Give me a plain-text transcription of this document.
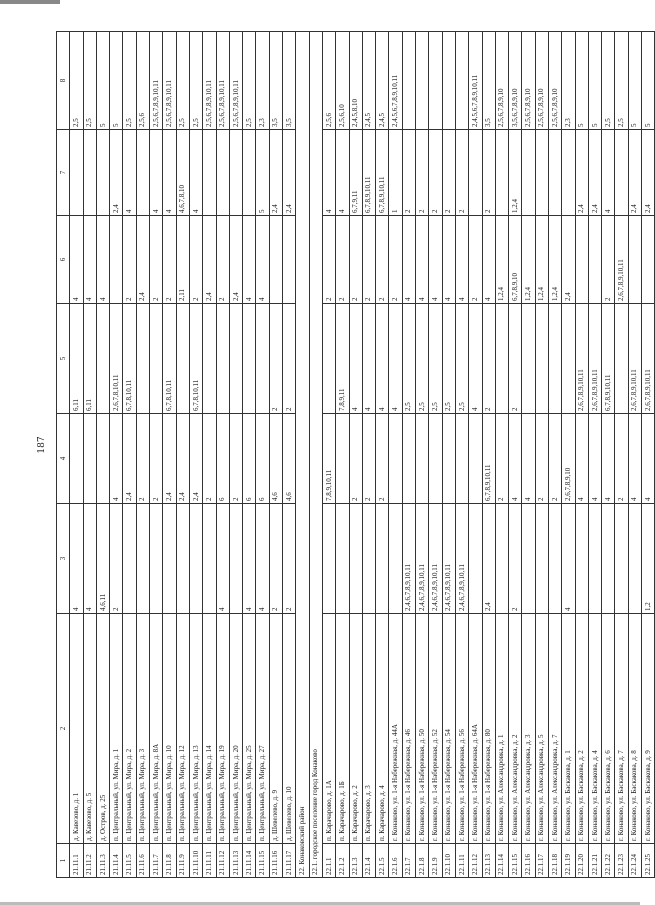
187
1	2	3	4	5	6	7	8
21.11.1	д. Кавезово, д. 1	4		6,11	4		2,5
21.11.2	д. Кавезово, д. 5	4		6,11	4		2,5
21.11.3	д. Остров, д. 25	4,6,11			4		5
21.11.4	п. Центральный, ул. Мира, д. 1	2	4	2,6,7,8,10,11		2,4	5
21.11.5	п. Центральный, ул. Мира, д. 2		2,4	6,7,8,10,11	2	4	2,5
21.11.6	п. Центральный, ул. Мира, д. 3		2		2,4		2,5,6
21.11.7	п. Центральный, ул. Мира, д. 8А		2		2	4	2,5,6,7,8,9,10,11
21.11.8	п. Центральный, ул. Мира, д. 10		2,4	6,7,8,10,11	2	4	2,5,6,7,8,9,10,11
21.11.9	п. Центральный, ул. Мира, д. 12		2,4		2,11	4,6,7,8,10	2,5
21.11.10	п. Центральный, ул. Мира, д. 13		2,4	6,7,8,10,11	2	4	2,5
21.11.11	п. Центральный, ул. Мира, д. 14		2		2,4		2,5,6,7,8,9,10,11
21.11.12	п. Центральный, ул. Мира, д. 19	4	6		2		2,5,6,7,8,9,10,11
21.11.13	п. Центральный, ул. Мира, д. 20		2		2,4		2,5,6,7,8,9,10,11
21.11.14	п. Центральный, ул. Мира, д. 25	4	6		4		2,5
21.11.15	п. Центральный, ул. Мира, д. 27	4	6		4	5	2,3
21.11.16	д. Шевелево, д. 9	2	4,6	2		2,4	3,5
21.11.17	д. Шевелево, д. 10	2	4,6	2		2,4	3,5
22. Конаковский район							
22.1. городское поселение город Конаково							
22.1.1	п. Карачарово, д. 1А		7,8,9,10,11		2	4	2,5,6
22.1.2	п. Карачарово, д. 1Б			7,8,9,11	2	4	2,5,6,10
22.1.3	п. Карачарово, д. 2		2	4	2	6,7,9,11	2,4,5,8,10
22.1.4	п. Карачарово, д. 3		2	4	2	6,7,8,9,10,11	2,4,5
22.1.5	п. Карачарово, д. 4		2	4	2	6,7,8,9,10,11	2,4,5
22.1.6	г. Конаково, ул. 1-я Набережная, д. 44А			4	2	1	2,4,5,6,7,8,9,10,11
22.1.7	г. Конаково, ул. 1-я Набережная, д. 46	2,4,6,7,8,9,10,11		2,5	4	2	
22.1.8	г. Конаково, ул. 1-я Набережная, д. 50	2,4,6,7,8,9,10,11		2,5	4	2	
22.1.9	г. Конаково, ул. 1-я Набережная, д. 52	2,4,6,7,8,9,10,11		2,5	4	2	
22.1.10	г. Конаково, ул. 1-я Набережная, д. 54	2,4,6,7,8,9,10,11		2,5	4	2	
22.1.11	г. Конаково, ул. 1-я Набережная, д. 56	2,4,6,7,8,9,10,11		2,5	4	2	
22.1.12	г. Конаково, ул. 1-я Набережная, д. 64А			4	2		2,4,5,6,7,8,9,10,11
22.1.13	г. Конаково, ул. 1-я Набережная, д. 80	2,4	6,7,8,9,10,11	2	4	2	3,5
22.1.14	г. Конаково, ул. Александровка, д. 1		2		1,2,4		2,5,6,7,8,9,10
22.1.15	г. Конаково, ул. Александровка, д. 2	2	4	2	6,7,8,9,10	1,2,4	3,5,6,7,8,9,10
22.1.16	г. Конаково, ул. Александровка, д. 3		4		1,2,4		2,5,6,7,8,9,10
22.1.17	г. Конаково, ул. Александровка, д. 5		2		1,2,4		2,5,6,7,8,9,10
22.1.18	г. Конаково, ул. Александровка, д. 7		2		1,2,4		2,5,6,7,8,9,10
22.1.19	г. Конаково, ул. Баскакова, д. 1	4	2,6,7,8,9,10		2,4		2,3
22.1.20	г. Конаково, ул. Баскакова, д. 2		4	2,6,7,8,9,10,11		2,4	5
22.1.21	г. Конаково, ул. Баскакова, д. 4		4	2,6,7,8,9,10,11		2,4	5
22.1.22	г. Конаково, ул. Баскакова, д. 6		4	6,7,8,9,10,11	2	4	2,5
22.1.23	г. Конаково, ул. Баскакова, д. 7		2		2,6,7,8,9,10,11		2,5
22.1.24	г. Конаково, ул. Баскакова, д. 8		4	2,6,7,8,9,10,11		2,4	5
22.1.25	г. Конаково, ул. Баскакова, д. 9	1,2	4	2,6,7,8,9,10,11		2,4	5
